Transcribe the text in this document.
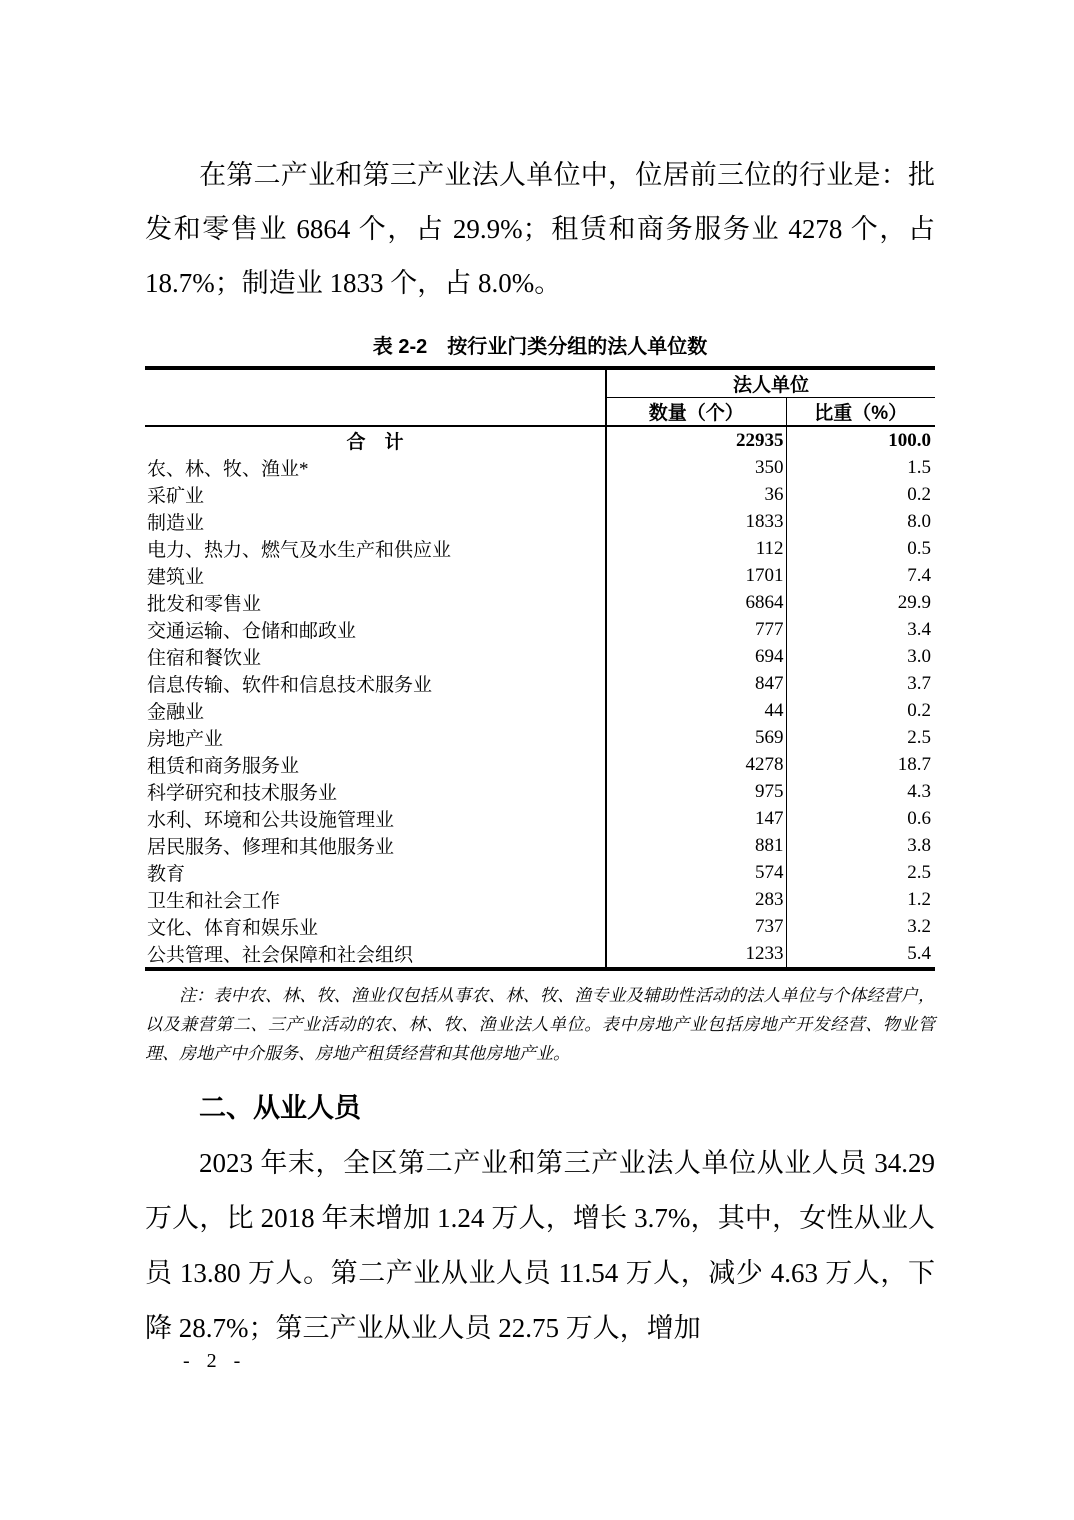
在第二产业和第三产业法人单位中，位居前三位的行业是：批发和零售业 6864 个，占 29.9%；租赁和商务服务业 4278 个，占 18.7%；制造业 1833 个，占 8.0%。

表 2-2　按行业门类分组的法人单位数
	法人单位	
	数量（个）	比重（%）
合　计	22935	100.0
农、林、牧、渔业*	350	1.5
采矿业	36	0.2
制造业	1833	8.0
电力、热力、燃气及水生产和供应业	112	0.5
建筑业	1701	7.4
批发和零售业	6864	29.9
交通运输、仓储和邮政业	777	3.4
住宿和餐饮业	694	3.0
信息传输、软件和信息技术服务业	847	3.7
金融业	44	0.2
房地产业	569	2.5
租赁和商务服务业	4278	18.7
科学研究和技术服务业	975	4.3
水利、环境和公共设施管理业	147	0.6
居民服务、修理和其他服务业	881	3.8
教育	574	2.5
卫生和社会工作	283	1.2
文化、体育和娱乐业	737	3.2
公共管理、社会保障和社会组织	1233	5.4

注：表中农、林、牧、渔业仅包括从事农、林、牧、渔专业及辅助性活动的法人单位与个体经营户，以及兼营第二、三产业活动的农、林、牧、渔业法人单位。表中房地产业包括房地产开发经营、物业管理、房地产中介服务、房地产租赁经营和其他房地产业。

二、从业人员

2023 年末，全区第二产业和第三产业法人单位从业人员 34.29 万人，比 2018 年末增加 1.24 万人，增长 3.7%，其中，女性从业人员 13.80 万人。第二产业从业人员 11.54 万人，减少 4.63 万人，下降 28.7%；第三产业从业人员 22.75 万人，增加

- 2 -
